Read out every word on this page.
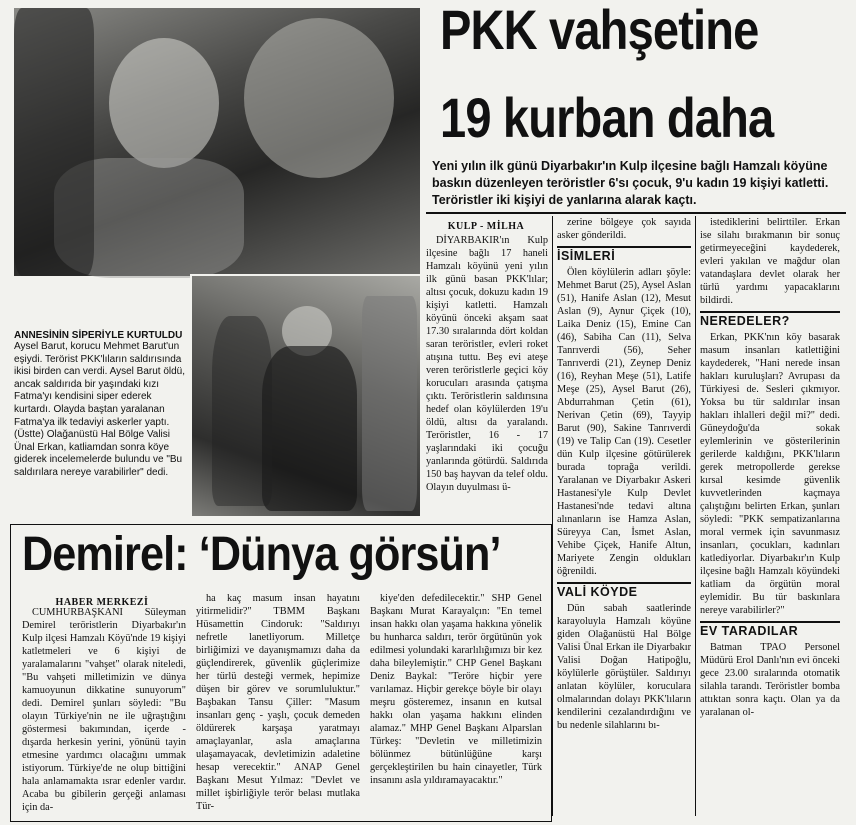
ANNESİNİN SİPERİYLE KURTULDU
Aysel Barut, korucu Mehmet Barut'un eşiydi. Terörist PKK'lıların saldırısında ikisi birden can verdi. Aysel Barut öldü, ancak saldırıda bir yaşındaki kızı Fatma'yı kendisini siper ederek kurtardı. Olayda baştan yaralanan Fatma'ya ilk tedaviyi askerler yaptı. (Üstte) Olağanüstü Hal Bölge Valisi Ünal Erkan, katliamdan sonra köye giderek incelemelerde bulundu ve "Bu saldırılara nereye varabilirler" dedi.
PKK vahşetine
19 kurban daha
Yeni yılın ilk günü Diyarbakır'ın Kulp ilçesine bağlı Hamzalı köyüne baskın düzenleyen teröristler 6'sı çocuk, 9'u kadın 19 kişiyi katletti. Teröristler iki kişiyi de yanlarına alarak kaçtı.
KULP - MİLHA

DİYARBAKIR'ın Kulp ilçesine bağlı 17 haneli Hamzalı köyünü yeni yılın ilk günü basan PKK'lılar; altısı çocuk, dokuzu kadın 19 kişiyi katletti. Hamzalı köyünü önceki akşam saat 17.30 sıralarında dört koldan saran teröristler, evleri roket atışına tuttu. Beş evi ateşe veren teröristlerle geçici köy korucuları arasında çatışma çıktı. Teröristlerin saldırısına hedef olan köylülerden 19'u öldü, altısı da yaralandı. Teröristler, 16 - 17 yaşlarındaki iki çocuğu yanlarında götürdü. Saldırıda 150 baş hayvan da telef oldu. Olayın duyulması ü-

zerine bölgeye çok sayıda asker gönderildi.

İSİMLERİ

Ölen köylülerin adları şöyle: Mehmet Barut (25), Aysel Aslan (51), Hanife Aslan (12), Mesut Aslan (9), Aynur Çiçek (10), Laika Deniz (15), Emine Can (46), Sabiha Can (11), Selva Tanrıverdi (56), Seher Tanrıverdi (21), Zeynep Deniz (16), Reyhan Meşe (51), Latife Meşe (25), Aysel Barut (26), Abdurrahman Çetin (61), Nerivan Çetin (69), Tayyip Barut (90), Sakine Tanrıverdi (19) ve Talip Can (19). Cesetler dün Kulp ilçesine götürülerek burada toprağa verildi. Yaralanan ve Diyarbakır Askeri Hastanesi'yle Kulp Devlet Hastanesi'nde tedavi altına alınanların ise Hamza Aslan, Süreyya Can, İsmet Aslan, Vehibe Çiçek, Hanife Altun, Mariyete Zengin oldukları öğrenildi.

VALİ KÖYDE

Dün sabah saatlerinde karayoluyla Hamzalı köyüne giden Olağanüstü Hal Bölge Valisi Ünal Erkan ile Diyarbakır Valisi Doğan Hatipoğlu, köylülerle görüştüler. Saldırıyı anlatan köylüler, koruculara olmalarından dolayı PKK'lıların kendilerini cezalandırdığını ve bu nedenle silahlarını bı-

istediklerini belirttiler. Erkan ise silahı bırakmanın bir sonuç getirmeyeceğini kaydederek, evleri yakılan ve mağdur olan vatandaşlara devlet olarak her türlü yardımı yapacaklarını bildirdi.

NEREDELER?

Erkan, PKK'nın köy basarak masum insanları katlettiğini kaydederek, "Hani nerede insan hakları kuruluşları? Avrupası da Türkiyesi de. Sesleri çıkmıyor. Yoksa bu tür saldırılar insan hakları ihlalleri değil mi?" dedi. Güneydoğu'da sokak eylemlerinin ve gösterilerinin gerilerde kaldığını, PKK'lıların gerek metropollerde gerekse kırsal kesimde güvenlik kuvvetlerinden kaçmaya çalıştığını belirten Erkan, şunları söyledi: "PKK sempatizanlarına moral vermek için savunmasız insanları, çocukları, kadınları katlediyorlar. Diyarbakır'ın Kulp ilçesine bağlı Hamzalı köyündeki katliam da örgütün moral eylemidir. Bu tür baskınlara nereye varabilirler?"

EV TARADILAR

Batman TPAO Personel Müdürü Erol Danlı'nın evi önceki gece 23.00 sıralarında otomatik silahla tarandı. Teröristler bomba attıktan sonra kaçtı. Olan ya da yaralanan ol-

Demirel: ‘Dünya görsün’
HABER MERKEZİ

CUMHURBAŞKANI Süleyman Demirel teröristlerin Diyarbakır'ın Kulp ilçesi Hamzalı Köyü'nde 19 kişiyi katletmeleri ve 6 kişiyi de yaralamalarını "vahşet" olarak niteledi, "Bu vahşeti milletimizin ve dünya kamuoyunun dikkatine sunuyorum" dedi. Demirel şunları söyledi: "Bu olayın Türkiye'nin ne ile uğraştığını göstermesi bakımından, içerde - dışarda herkesin yerini, yönünü tayin etmesine yardımcı olacağını ummak istiyorum. Türkiye'de ne olup bittiğini hala anlamamakta ısrar edenler vardır. Acaba bu gibilerin gerçeği anlaması için da-

ha kaç masum insan hayatını yitirmelidir?" TBMM Başkanı Hüsamettin Cindoruk: "Saldırıyı nefretle lanetliyorum. Milletçe birliğimizi ve dayanışmamızı daha da güçlendirerek, güvenlik güçlerimize her türlü desteği vermek, hepimize düşen bir görev ve sorumluluktur." Başbakan Tansu Çiller: "Masum insanları genç - yaşlı, çocuk demeden öldürerek karşaşa yaratmayı amaçlayanlar, asla amaçlarına ulaşamayacak, devletimizin adaletine hesap verecektir." ANAP Genel Başkanı Mesut Yılmaz: "Devlet ve millet işbirliğiyle terör belası mutlaka Tür-

kiye'den defedilecektir." SHP Genel Başkanı Murat Karayalçın: "En temel insan hakkı olan yaşama hakkına yönelik bu hunharca saldırı, terör örgütünün yok edilmesi yolundaki kararlılığımızı bir kez daha bileylemiştir." CHP Genel Başkanı Deniz Baykal: "Teröre hiçbir yere varılamaz. Hiçbir gerekçe böyle bir olayı meşru gösteremez, insanın en kutsal hakkı olan yaşama hakkını elinden alamaz." MHP Genel Başkanı Alparslan Türkeş: "Devletin ve milletimizin bölünmez bütünlüğüne karşı gerçekleştirilen bu hain cinayetler, Türk insanını asla yıldıramayacaktır."
